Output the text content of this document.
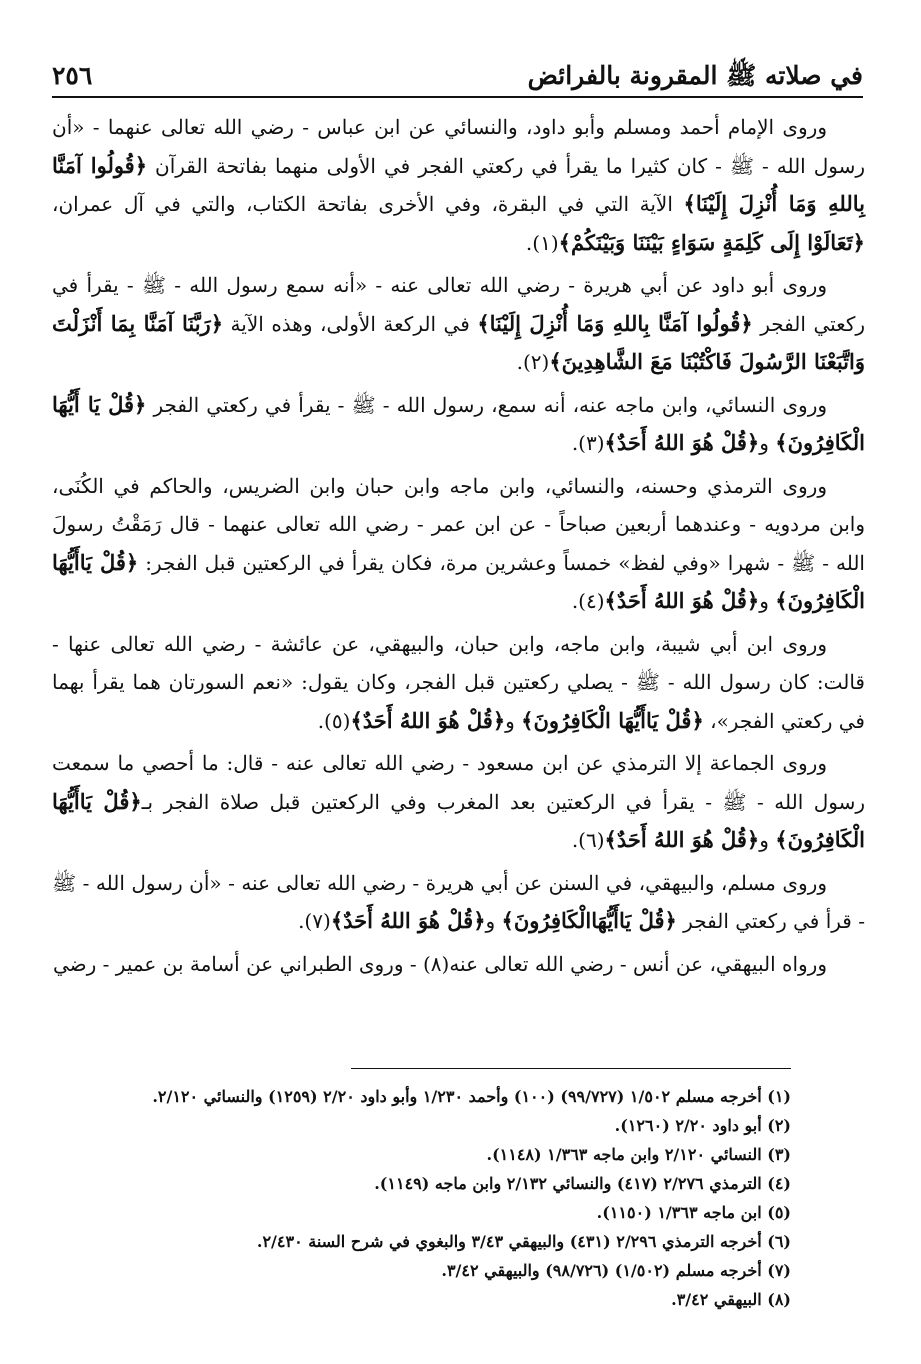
في صلاته ﷺ المقرونة بالفرائض
٢٥٦

وروى الإمام أحمد ومسلم وأبو داود، والنسائي عن ابن عباس - رضي الله تعالى عنهما - «أن رسول الله - ﷺ - كان كثيرا ما يقرأ في ركعتي الفجر في الأولى منهما بفاتحة القرآن ﴿قُولُوا آمَنَّا بِاللهِ وَمَا أُنْزِلَ إِلَيْنَا﴾ الآية التي في البقرة، وفي الأخرى بفاتحة الكتاب، والتي في آل عمران، ﴿تَعَالَوْا إِلَى كَلِمَةٍ سَوَاءٍ بَيْنَنَا وَبَيْنَكُمْ﴾(١).

وروى أبو داود عن أبي هريرة - رضي الله تعالى عنه - «أنه سمع رسول الله - ﷺ - يقرأ في ركعتي الفجر ﴿قُولُوا آمَنَّا بِاللهِ وَمَا أُنْزِلَ إِلَيْنَا﴾ في الركعة الأولى، وهذه الآية ﴿رَبَّنَا آمَنَّا بِمَا أَنْزَلْتَ وَاتَّبَعْنَا الرَّسُولَ فَاكْتُبْنَا مَعَ الشَّاهِدِينَ﴾(٢).

وروى النسائي، وابن ماجه عنه، أنه سمع، رسول الله - ﷺ - يقرأ في ركعتي الفجر ﴿قُلْ يَا أَيُّهَا الْكَافِرُونَ﴾ و﴿قُلْ هُوَ اللهُ أَحَدٌ﴾(٣).

وروى الترمذي وحسنه، والنسائي، وابن ماجه وابن حبان وابن الضريس، والحاكم في الكُنَى، وابن مردويه - وعندهما أربعين صباحاً - عن ابن عمر - رضي الله تعالى عنهما - قال رَمَقْتُ رسولَ الله - ﷺ - شهرا «وفي لفظ» خمساً وعشرين مرة، فكان يقرأ في الركعتين قبل الفجر: ﴿قُلْ يَاأَيُّهَا الْكَافِرُونَ﴾ و﴿قُلْ هُوَ اللهُ أَحَدٌ﴾(٤).

وروى ابن أبي شيبة، وابن ماجه، وابن حبان، والبيهقي، عن عائشة - رضي الله تعالى عنها - قالت: كان رسول الله - ﷺ - يصلي ركعتين قبل الفجر، وكان يقول: «نعم السورتان هما يقرأ بهما في ركعتي الفجر»، ﴿قُلْ يَاأَيُّهَا الْكَافِرُونَ﴾ و﴿قُلْ هُوَ اللهُ أَحَدٌ﴾(٥).

وروى الجماعة إلا الترمذي عن ابن مسعود - رضي الله تعالى عنه - قال: ما أحصي ما سمعت رسول الله - ﷺ - يقرأ في الركعتين بعد المغرب وفي الركعتين قبل صلاة الفجر بـ﴿قُلْ يَاأَيُّهَا الْكَافِرُونَ﴾ و﴿قُلْ هُوَ اللهُ أَحَدٌ﴾(٦).

وروى مسلم، والبيهقي، في السنن عن أبي هريرة - رضي الله تعالى عنه - «أن رسول الله - ﷺ - قرأ في ركعتي الفجر ﴿قُلْ يَاأَيُّهَاالْكَافِرُونَ﴾ و﴿قُلْ هُوَ اللهُ أَحَدٌ﴾(٧).

ورواه البيهقي، عن أنس - رضي الله تعالى عنه(٨) - وروى الطبراني عن أسامة بن عمير - رضي

(١) أخرجه مسلم ١/٥٠٢ (٩٩/٧٢٧) (١٠٠) وأحمد ١/٢٣٠ وأبو داود ٢/٢٠ (١٢٥٩) والنسائي ٢/١٢٠.
(٢) أبو داود ٢/٢٠ (١٢٦٠).
(٣) النسائي ٢/١٢٠ وابن ماجه ١/٣٦٣ (١١٤٨).
(٤) الترمذي ٢/٢٧٦ (٤١٧) والنسائي ٢/١٣٢ وابن ماجه (١١٤٩).
(٥) ابن ماجه ١/٣٦٣ (١١٥٠).
(٦) أخرجه الترمذي ٢/٢٩٦ (٤٣١) والبيهقي ٣/٤٣ والبغوي في شرح السنة ٢/٤٣٠.
(٧) أخرجه مسلم (١/٥٠٢) (٩٨/٧٢٦) والبيهقي ٣/٤٢.
(٨) البيهقي ٣/٤٢.
